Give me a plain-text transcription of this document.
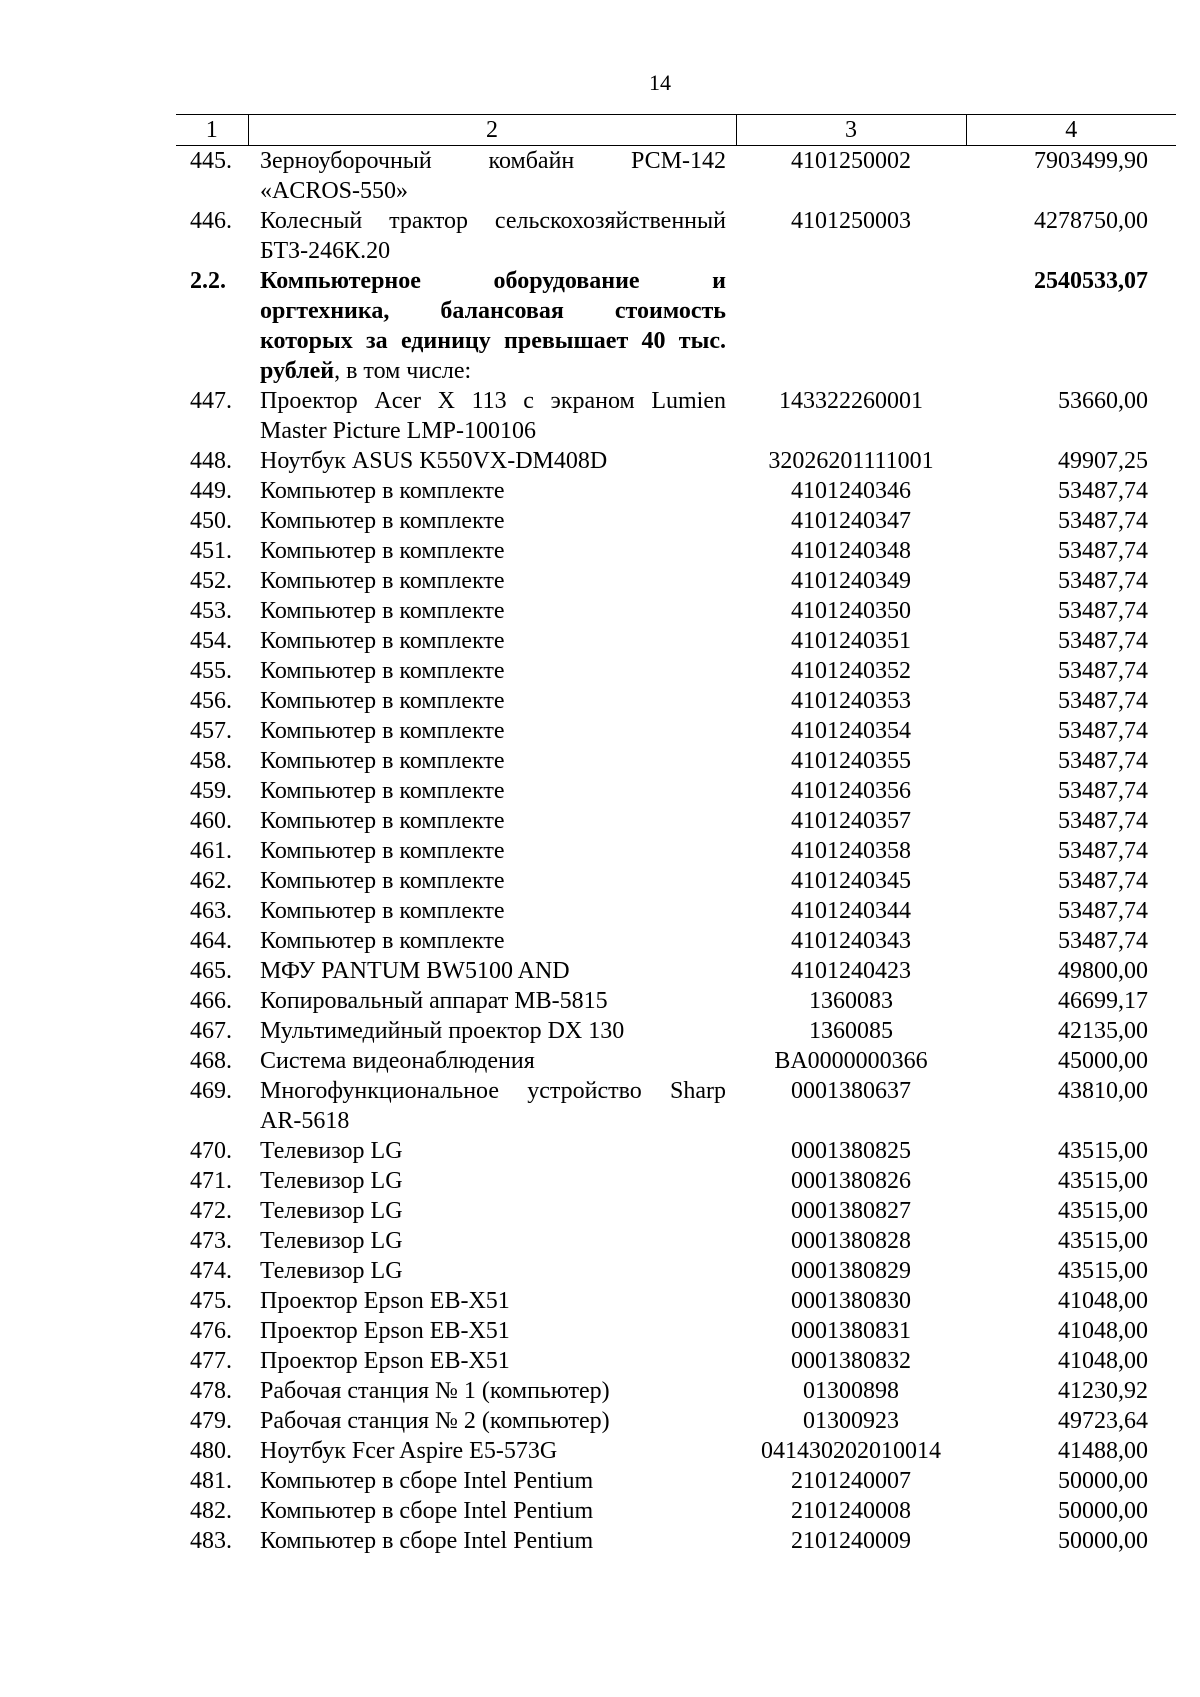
14
1	2	3	4
445.	Зерноуборочный комбайн РСМ-142 «ACROS-550»	4101250002	7903499,90
446.	Колесный трактор сельскохозяйственный БТЗ-246К.20	4101250003	4278750,00
2.2.	Компьютерное оборудование и оргтехника, балансовая стоимость которых за единицу превышает 40 тыс. рублей, в том числе:		2540533,07
447.	Проектор Acer X 113 с экраном Lumien Master Picture LMP-100106	143322260001	53660,00
448.	Ноутбук ASUS K550VX-DM408D	32026201111001	49907,25
449.	Компьютер в комплекте	4101240346	53487,74
450.	Компьютер в комплекте	4101240347	53487,74
451.	Компьютер в комплекте	4101240348	53487,74
452.	Компьютер в комплекте	4101240349	53487,74
453.	Компьютер в комплекте	4101240350	53487,74
454.	Компьютер в комплекте	4101240351	53487,74
455.	Компьютер в комплекте	4101240352	53487,74
456.	Компьютер в комплекте	4101240353	53487,74
457.	Компьютер в комплекте	4101240354	53487,74
458.	Компьютер в комплекте	4101240355	53487,74
459.	Компьютер в комплекте	4101240356	53487,74
460.	Компьютер в комплекте	4101240357	53487,74
461.	Компьютер в комплекте	4101240358	53487,74
462.	Компьютер в комплекте	4101240345	53487,74
463.	Компьютер в комплекте	4101240344	53487,74
464.	Компьютер в комплекте	4101240343	53487,74
465.	МФУ PANTUM BW5100 AND	4101240423	49800,00
466.	Копировальный аппарат MB-5815	1360083	46699,17
467.	Мультимедийный проектор DX 130	1360085	42135,00
468.	Система видеонаблюдения	BA0000000366	45000,00
469.	Многофункциональное устройство Sharp AR-5618	0001380637	43810,00
470.	Телевизор LG	0001380825	43515,00
471.	Телевизор LG	0001380826	43515,00
472.	Телевизор LG	0001380827	43515,00
473.	Телевизор LG	0001380828	43515,00
474.	Телевизор LG	0001380829	43515,00
475.	Проектор Epson EB-X51	0001380830	41048,00
476.	Проектор Epson EB-X51	0001380831	41048,00
477.	Проектор Epson EB-X51	0001380832	41048,00
478.	Рабочая станция № 1 (компьютер)	01300898	41230,92
479.	Рабочая станция № 2 (компьютер)	01300923	49723,64
480.	Ноутбук Fcer Aspire E5-573G	041430202010014	41488,00
481.	Компьютер в сборе Intel Pentium	2101240007	50000,00
482.	Компьютер в сборе Intel Pentium	2101240008	50000,00
483.	Компьютер в сборе Intel Pentium	2101240009	50000,00
